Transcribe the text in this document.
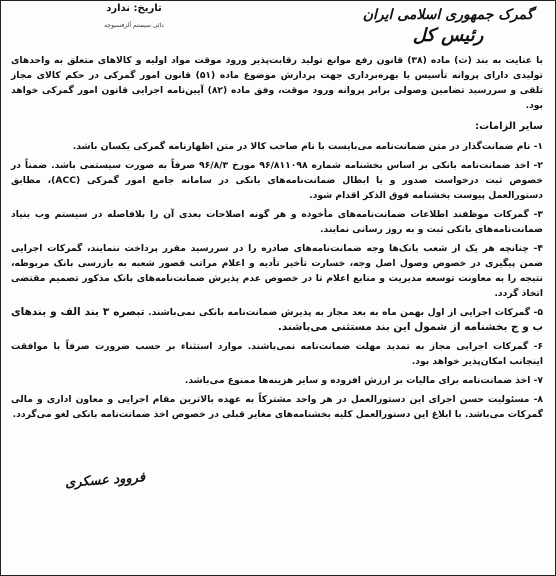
تاریخ: ندارد
دائی سیستم آلرفسیوچه
گمرک جمهوری اسلامی ایران
رئیس کل

با عنایت به بند (ث) ماده (۳۸) قانون رفع موانع تولید رقابت‌پذیر ورود موقت مواد اولیه و کالاهای متعلق به واحدهای تولیدی دارای پروانه تأسیس یا بهره‌برداری جهت پردازش موضوع ماده (۵۱) قانون امور گمرکی در حکم کالای مجاز تلقی و سررسید تضامین وصولی برابر پروانه ورود موقت، وفق ماده (۸۲) آیین‌نامه اجرایی قانون امور گمرکی خواهد بود.

سایر الزامات:

۱- نام ضمانت‌گذار در متن ضمانت‌نامه می‌بایست با نام صاحب کالا در متن اظهارنامه گمرکی یکسان باشد.

۲- اخذ ضمانت‌نامه بانکی بر اساس بخشنامه شماره ۹۶/۸۱۱۰۹۸ مورخ ۹۶/۸/۳ صرفاً به صورت سیستمی باشد. ضمناً در خصوص ثبت درخواست صدور و یا ابطال ضمانت‌نامه‌های بانکی در سامانه جامع امور گمرکی (ACC)، مطابق دستورالعمل پیوست بخشنامه فوق الذکر اقدام شود.

۳- گمرکات موظفند اطلاعات ضمانت‌نامه‌های مأخوذه و هر گونه اصلاحات بعدی آن را بلافاصله در سیستم وب بنیاد ضمانت‌نامه‌های بانکی ثبت و به روز رسانی نمایند.

۴- چنانچه هر یک از شعب بانک‌ها وجه ضمانت‌نامه‌های صادره را در سررسید مقرر پرداخت ننمایند، گمرکات اجرایی ضمن پیگیری در خصوص وصول اصل وجه، خسارت تأخیر تأدیه و اعلام مراتب قصور شعبه به بازرسی بانک مربوطه، نتیجه را به معاونت توسعه مدیریت و منابع اعلام تا در خصوص عدم پذیرش ضمانت‌نامه‌های بانک مذکور تصمیم مقتضی اتخاذ گردد.

۵- گمرکات اجرایی از اول بهمن ماه به بعد مجاز به پذیرش ضمانت‌نامه بانکی نمی‌باشند. تبصره ۳ بند الف و بندهای ب و ج بخشنامه از شمول این بند مستثنی می‌باشند.

۶- گمرکات اجرایی مجاز به تمدید مهلت ضمانت‌نامه نمی‌باشند. موارد استثناء بر حسب ضرورت صرفاً با موافقت اینجانب امکان‌پذیر خواهد بود.

۷- اخذ ضمانت‌نامه برای مالیات بر ارزش افزوده و سایر هزینه‌ها ممنوع می‌باشد.

۸- مسئولیت حسن اجرای این دستورالعمل در هر واحد مشترکاً به عهده بالاترین مقام اجرایی و معاون اداری و مالی گمرکات می‌باشد. با ابلاغ این دستورالعمل کلیه بخشنامه‌های مغایر قبلی در خصوص اخذ ضمانت‌نامه بانکی لغو می‌گردد.

فروود عسکری
